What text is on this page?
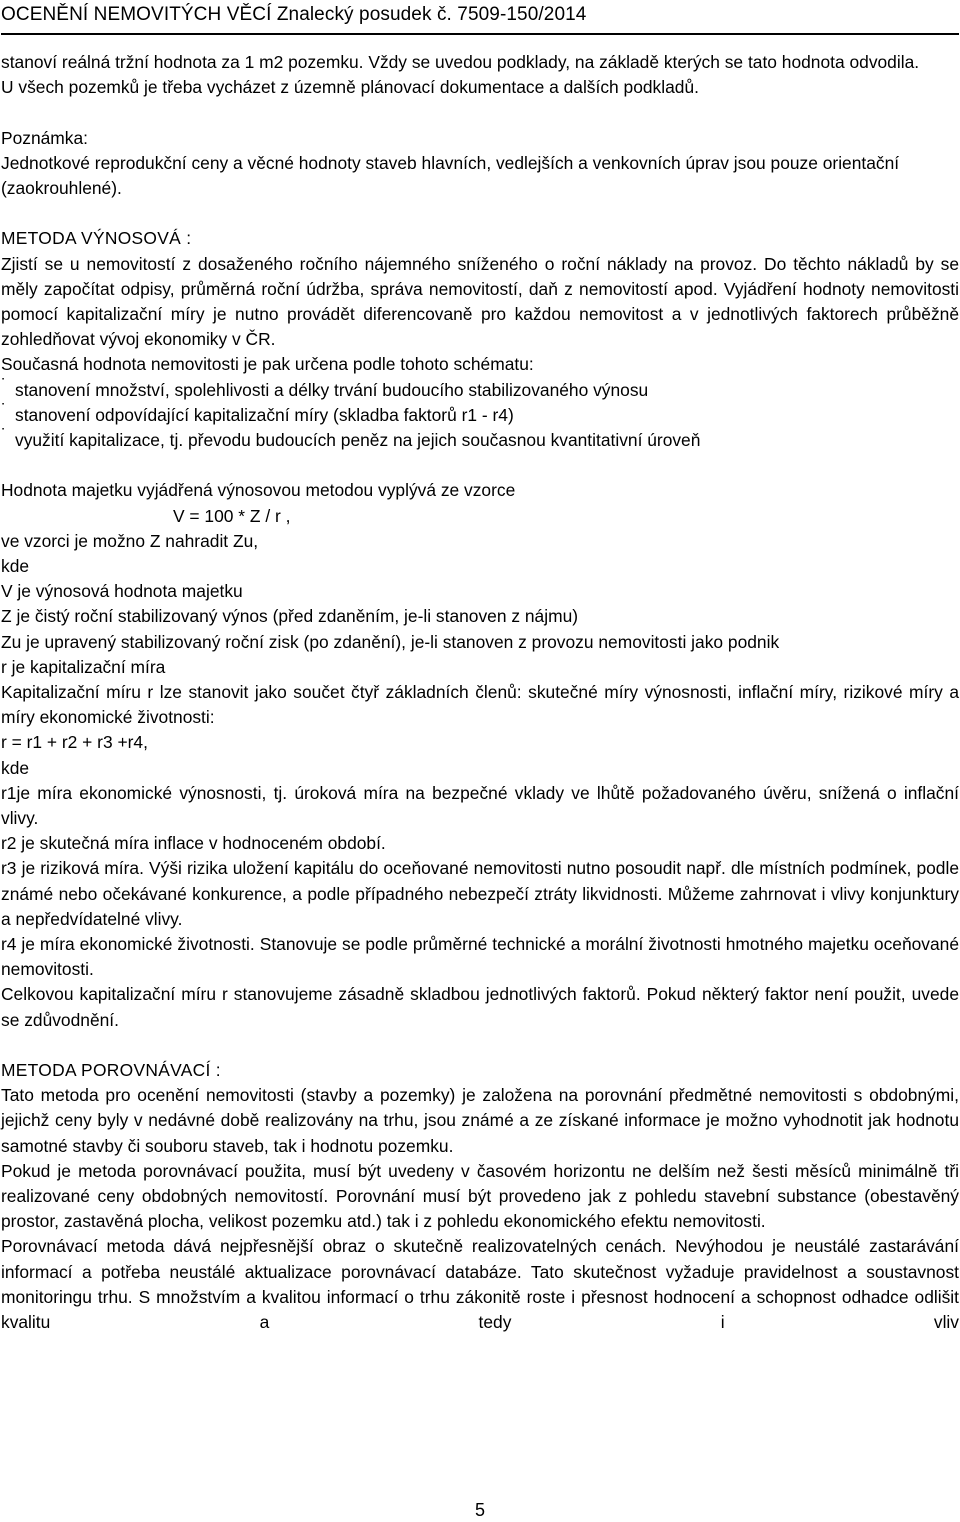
OCENĚNÍ NEMOVITÝCH VĚCÍ Znalecký posudek č. 7509-150/2014

stanoví reálná tržní hodnota za 1 m2 pozemku. Vždy se uvedou podklady, na základě kterých se tato hodnota odvodila.

U všech pozemků je třeba vycházet z územně plánovací dokumentace a dalších podkladů.

Poznámka:

Jednotkové reprodukční ceny a věcné hodnoty staveb hlavních, vedlejších a venkovních úprav jsou pouze orientační (zaokrouhlené).

METODA VÝNOSOVÁ :

Zjistí se u nemovitostí z dosaženého ročního nájemného sníženého o roční náklady na provoz. Do těchto nákladů by se měly započítat odpisy, průměrná roční údržba, správa nemovitostí, daň z nemovitostí apod. Vyjádření hodnoty nemovitosti pomocí kapitalizační míry je nutno provádět diferencovaně pro každou nemovitost a v jednotlivých faktorech průběžně zohledňovat vývoj ekonomiky v ČR.

Současná hodnota nemovitosti je pak určena podle tohoto schématu:

˙ stanovení množství, spolehlivosti a délky trvání budoucího stabilizovaného výnosu
˙ stanovení odpovídající kapitalizační míry (skladba faktorů r1 - r4)
˙ využití kapitalizace, tj. převodu budoucích peněz na jejich současnou kvantitativní úroveň

Hodnota majetku vyjádřená výnosovou metodou vyplývá ze vzorce

V = 100 * Z / r ,

ve vzorci je možno Z nahradit Zu,

kde

V je výnosová hodnota majetku

Z je čistý roční stabilizovaný výnos (před zdaněním, je-li stanoven z nájmu)

Zu je upravený stabilizovaný roční zisk (po zdanění), je-li stanoven z provozu nemovitosti jako podnik

r je kapitalizační míra

Kapitalizační míru r lze stanovit jako součet čtyř základních členů: skutečné míry výnosnosti, inflační míry, rizikové míry a míry ekonomické životnosti:

r = r1 + r2 + r3 +r4,

kde

r1je míra ekonomické výnosnosti, tj. úroková míra na bezpečné vklady ve lhůtě požadovaného úvěru, snížená o inflační vlivy.

r2 je skutečná míra inflace v hodnoceném období.

r3 je riziková míra. Výši rizika uložení kapitálu do oceňované nemovitosti nutno posoudit např. dle místních podmínek, podle známé nebo očekávané konkurence, a podle případného nebezpečí ztráty likvidnosti. Můžeme zahrnovat i vlivy konjunktury a nepředvídatelné vlivy.

r4 je míra ekonomické životnosti. Stanovuje se podle průměrné technické a morální životnosti hmotného majetku oceňované nemovitosti.

Celkovou kapitalizační míru r stanovujeme zásadně skladbou jednotlivých faktorů. Pokud některý faktor není použit, uvede se zdůvodnění.

METODA POROVNÁVACÍ :

Tato metoda pro ocenění nemovitosti (stavby a pozemky) je založena na porovnání předmětné nemovitosti s obdobnými, jejichž ceny byly v nedávné době realizovány na trhu, jsou známé a ze získané informace je možno vyhodnotit jak hodnotu samotné stavby či souboru staveb, tak i hodnotu pozemku.

Pokud je metoda porovnávací použita, musí být uvedeny v časovém horizontu ne delším než šesti měsíců minimálně tři realizované ceny obdobných nemovitostí. Porovnání musí být provedeno jak z pohledu stavební substance (obestavěný prostor, zastavěná plocha, velikost pozemku atd.) tak i z pohledu ekonomického efektu nemovitosti.

Porovnávací metoda dává nejpřesnější obraz o skutečně realizovatelných cenách. Nevýhodou je neustálé zastarávání informací a potřeba neustálé aktualizace porovnávací databáze. Tato skutečnost vyžaduje pravidelnost a soustavnost monitoringu trhu. S množstvím a kvalitou informací o trhu zákonitě roste i přesnost hodnocení a schopnost odhadce odlišit kvalitu a tedy i vliv

5
